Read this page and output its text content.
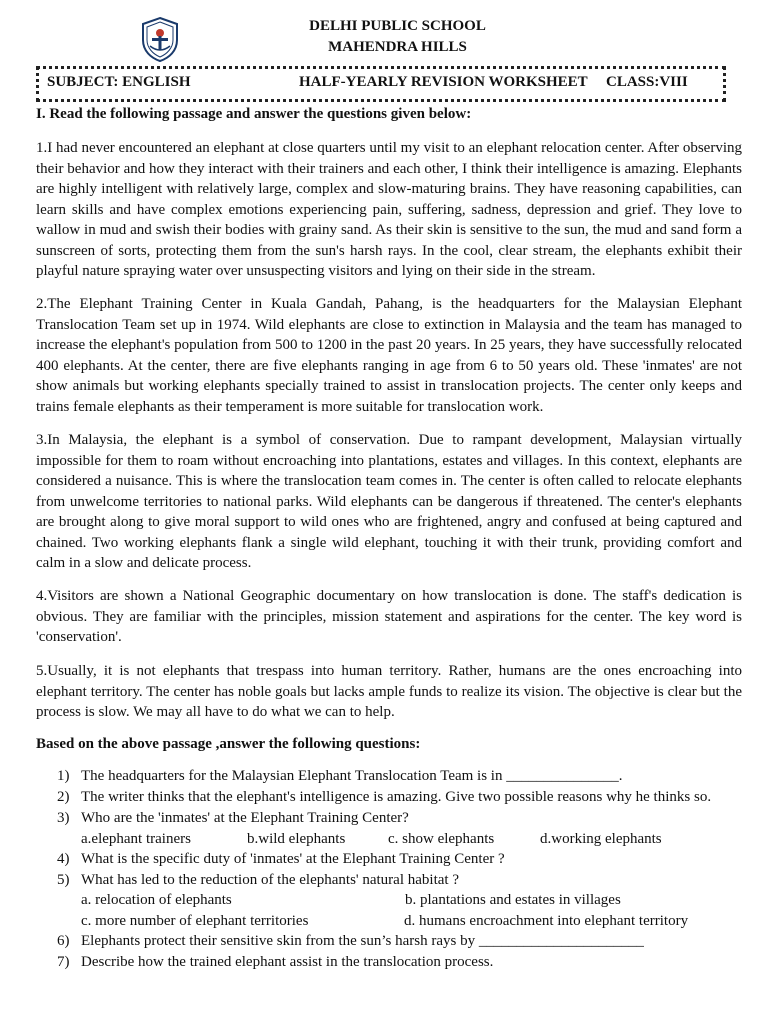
DELHI PUBLIC SCHOOL
MAHENDRA HILLS
SUBJECT: ENGLISH	HALF-YEARLY REVISION WORKSHEET CLASS:VIII
I. Read the following passage and answer the questions given below:

1.I had never encountered an elephant at close quarters until my visit to an elephant relocation center. After observing their behavior and how they interact with their trainers and each other, I think their intelligence is amazing. Elephants are highly intelligent with relatively large, complex and slow-maturing brains. They have reasoning capabilities, can learn skills and have complex emotions experiencing pain, suffering, sadness, depression and grief. They love to wallow in mud and swish their bodies with grainy sand. As their skin is sensitive to the sun, the mud and sand form a sunscreen of sorts, protecting them from the sun's harsh rays. In the cool, clear stream, the elephants exhibit their playful nature spraying water over unsuspecting visitors and lying on their side in the stream.

2.The Elephant Training Center in Kuala Gandah, Pahang, is the headquarters for the Malaysian Elephant Translocation Team set up in 1974. Wild elephants are close to extinction in Malaysia and the team has managed to increase the elephant's population from 500 to 1200 in the past 20 years. In 25 years, they have successfully relocated 400 elephants. At the center, there are five elephants ranging in age from 6 to 50 years old. These 'inmates' are not show animals but working elephants specially trained to assist in translocation projects. The center only keeps and trains female elephants as their temperament is more suitable for translocation work.

3.In Malaysia, the elephant is a symbol of conservation. Due to rampant development, Malaysian virtually impossible for them to roam without encroaching into plantations, estates and villages. In this context, elephants are considered a nuisance. This is where the translocation team comes in. The center is often called to relocate elephants from unwelcome territories to national parks. Wild elephants can be dangerous if threatened. The center's elephants are brought along to give moral support to wild ones who are frightened, angry and confused at being captured and chained. Two working elephants flank a single wild elephant, touching it with their trunk, providing comfort and calm in a slow and delicate process.

4.Visitors are shown a National Geographic documentary on how translocation is done. The staff's dedication is obvious. They are familiar with the principles, mission statement and aspirations for the center. The key word is 'conservation'.

5.Usually, it is not elephants that trespass into human territory. Rather, humans are the ones encroaching into elephant territory. The center has noble goals but lacks ample funds to realize its vision. The objective is clear but the process is slow. We may all have to do what we can to help.

Based on the above passage ,answer the following questions:
1) The headquarters for the Malaysian Elephant Translocation Team is in _______________.
2) The writer thinks that the elephant's intelligence is amazing. Give two possible reasons why he thinks so.
3) Who are the 'inmates' at the Elephant Training Center?
a.elephant trainers	b.wild elephants	c. show elephants	d.working elephants
4) What is the specific duty of 'inmates' at the Elephant Training Center ?
5) What has led to the reduction of the elephants' natural habitat ?
a. relocation of elephants	b. plantations and estates in villages
c. more number of elephant territories	d. humans encroachment into elephant territory
6) Elephants protect their sensitive skin from the sun’s harsh rays by ______________________
7) Describe how the trained elephant assist in the translocation process.
